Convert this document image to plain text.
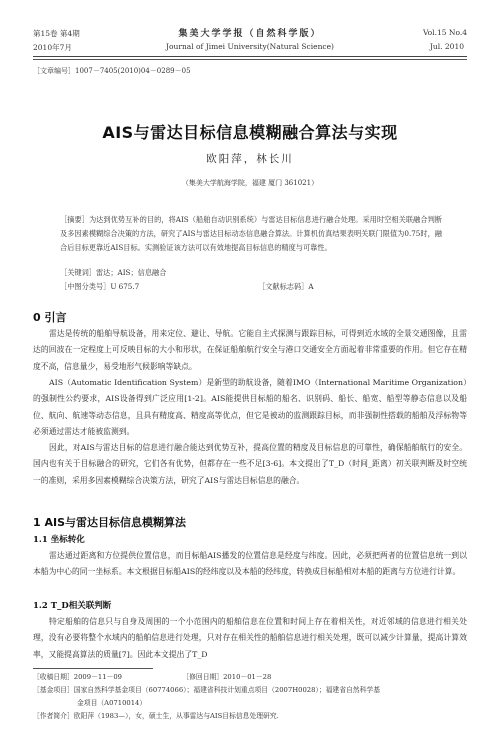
第15卷 第4期
2010年7月
集美大学学报（自然科学版）
Journal of Jimei University(Natural Science)
Vol.15 No.4
Jul. 2010
［文章编号］1007－7405(2010)04－0289－05
AIS与雷达目标信息模糊融合算法与实现
欧阳萍，林长川
（集美大学航海学院，福建 厦门 361021）
［摘要］为达到优势互补的目的，将AIS（船舶自动识别系统）与雷达目标信息进行融合处理。采用时空相关联融合判断及多因素模糊综合决策的方法，研究了AIS与雷达目标动态信息融合算法。计算机仿真结果表明关联门限值为0.75时，融合后目标更靠近AIS目标。实测验证该方法可以有效地提高目标信息的精度与可靠性。
［关键词］雷达；AIS；信息融合
［中图分类号］U 675.7	［文献标志码］A
0 引言
雷达是传统的船舶导航设备，用来定位、避让、导航。它能自主式探测与跟踪目标，可得到近水域的全景交通图像，且雷达的回波在一定程度上可反映目标的大小和形状，在保证船舶航行安全与港口交通安全方面起着非常重要的作用。但它存在精度不高，信息量少，易受地形气候影响等缺点。
AIS（Automatic Identification System）是新型的助航设备，随着IMO（International Maritime Organization）的强制性公约要求，AIS设备得到广泛应用[1-2]。AIS能提供目标船的船名、识别码、船长、船宽、船型等静态信息以及船位、航向、航速等动态信息，且具有精度高、精度高等优点，但它是被动的监测跟踪目标，而非强制性搭载的船舶及浮标物等必须通过雷达才能被监测到。
因此，对AIS与雷达目标的信息进行融合能达到优势互补，提高位置的精度及目标信息的可靠性，确保船舶航行的安全。国内也有关于目标融合的研究，它们各有优势，但都存在一些不足[3-6]。本文提出了T_D（时间_距离）初关联判断及时空统一的准则，采用多因素模糊综合决策方法，研究了AIS与雷达目标信息的融合。
1 AIS与雷达目标信息模糊算法
1.1 坐标转化
雷达通过距离和方位提供位置信息，而目标船AIS播发的位置信息是经度与纬度。因此，必须把两者的位置信息统一到以本船为中心的同一坐标系。本文根据目标船AIS的经纬度以及本船的经纬度，转换成目标船相对本船的距离与方位进行计算。
1.2 T_D相关联判断
特定船舶的信息只与自身及周围的一个小范围内的船舶信息在位置和时间上存在着相关性，对近邻域的信息进行相关处理，没有必要将整个水域内的船舶信息进行处理，只对存在相关性的船舶信息进行相关处理，既可以减少计算量，提高计算效率，又能提高算法的质量[7]。因此本文提出了T_D
［收稿日期］2009－11－09	［修回日期］2010－01－28
［基金项目］国家自然科学基金项目（60774066）；福建省科技计划重点项目（2007H0028）；福建省自然科学基
金项目（A0710014）
［作者简介］欧阳萍（1983—），女，硕士生，从事雷达与AIS目标信息处理研究.
